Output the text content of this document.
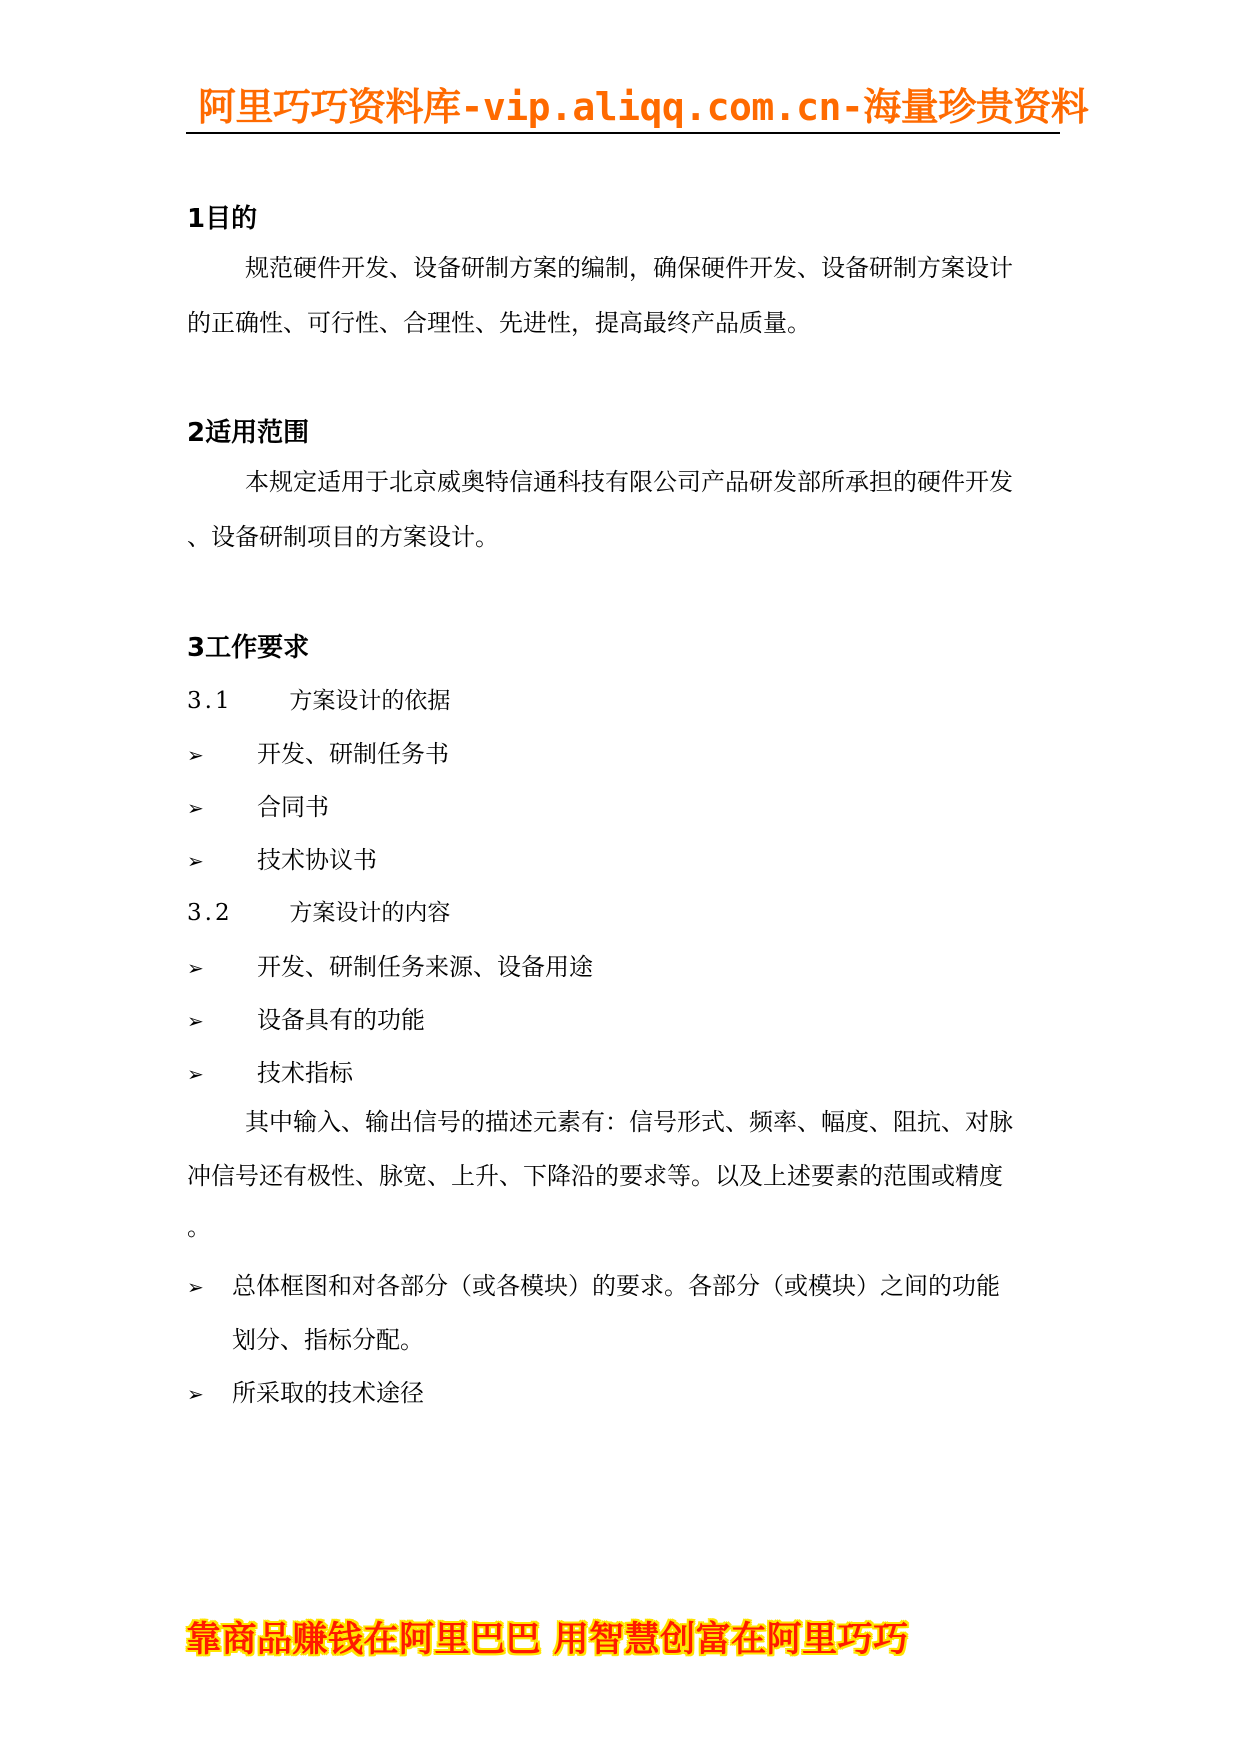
阿里巧巧资料库-vip.aliqq.com.cn-海量珍贵资料
1目的
规范硬件开发、设备研制方案的编制，确保硬件开发、设备研制方案设计
的正确性、可行性、合理性、先进性，提高最终产品质量。
2适用范围
本规定适用于北京威奥特信通科技有限公司产品研发部所承担的硬件开发
、设备研制项目的方案设计。
3工作要求
3.1 方案设计的依据
➢ 开发、研制任务书
➢ 合同书
➢ 技术协议书
3.2 方案设计的内容
➢ 开发、研制任务来源、设备用途
➢ 设备具有的功能
➢ 技术指标
其中输入、输出信号的描述元素有：信号形式、频率、幅度、阻抗、对脉
冲信号还有极性、脉宽、上升、下降沿的要求等。以及上述要素的范围或精度
。
➢ 总体框图和对各部分（或各模块）的要求。各部分（或模块）之间的功能
划分、指标分配。
➢ 所采取的技术途径
靠商品赚钱在阿里巴巴 用智慧创富在阿里巧巧
